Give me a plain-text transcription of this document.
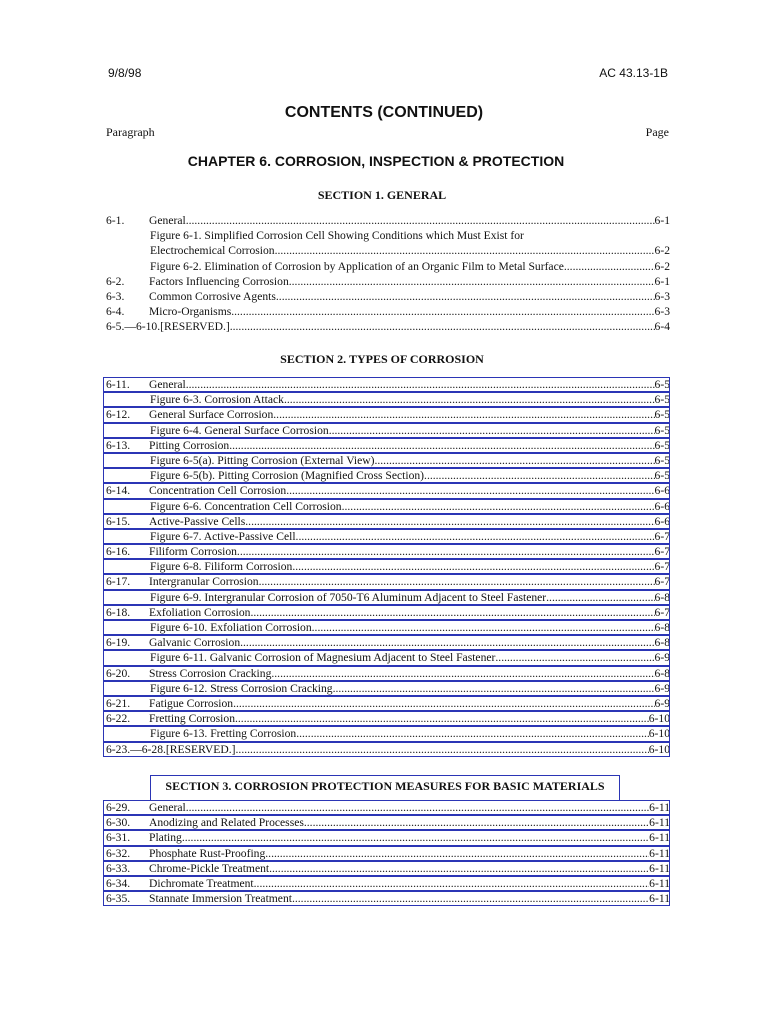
9/8/98	AC 43.13-1B
CONTENTS (CONTINUED)
Paragraph	Page
CHAPTER 6. CORROSION, INSPECTION & PROTECTION
SECTION 1. GENERAL
6-1.	General .....	6-1
Figure 6-1. Simplified Corrosion Cell Showing Conditions which Must Exist for
Electrochemical Corrosion .....	6-2
Figure 6-2. Elimination of Corrosion by Application of an Organic Film to Metal Surface .....	6-2
6-2.	Factors Influencing Corrosion .....	6-1
6-3.	Common Corrosive Agents .....	6-3
6-4.	Micro-Organisms .....	6-3
6-5.—6-10. [RESERVED.] .....	6-4
SECTION 2. TYPES OF CORROSION
6-11.	General .....	6-5
Figure 6-3. Corrosion Attack .....	6-5
6-12.	General Surface Corrosion .....	6-5
Figure 6-4. General Surface Corrosion .....	6-5
6-13.	Pitting Corrosion .....	6-5
Figure 6-5(a). Pitting Corrosion (External View) .....	6-5
Figure 6-5(b). Pitting Corrosion (Magnified Cross Section) .....	6-5
6-14.	Concentration Cell Corrosion .....	6-6
Figure 6-6. Concentration Cell Corrosion .....	6-6
6-15.	Active-Passive Cells .....	6-6
Figure 6-7. Active-Passive Cell .....	6-7
6-16.	Filiform Corrosion .....	6-7
Figure 6-8. Filiform Corrosion .....	6-7
6-17.	Intergranular Corrosion .....	6-7
Figure 6-9. Intergranular Corrosion of 7050-T6 Aluminum Adjacent to Steel Fastener .....	6-8
6-18.	Exfoliation Corrosion .....	6-7
Figure 6-10. Exfoliation Corrosion .....	6-8
6-19.	Galvanic Corrosion .....	6-8
Figure 6-11. Galvanic Corrosion of Magnesium Adjacent to Steel Fastener .....	6-9
6-20.	Stress Corrosion Cracking .....	6-8
Figure 6-12. Stress Corrosion Cracking .....	6-9
6-21.	Fatigue Corrosion .....	6-9
6-22.	Fretting Corrosion .....	6-10
Figure 6-13. Fretting Corrosion .....	6-10
6-23.—6-28. [RESERVED.] .....	6-10
SECTION 3. CORROSION PROTECTION MEASURES FOR BASIC MATERIALS
6-29.	General .....	6-11
6-30.	Anodizing and Related Processes .....	6-11
6-31.	Plating .....	6-11
6-32.	Phosphate Rust-Proofing .....	6-11
6-33.	Chrome-Pickle Treatment .....	6-11
6-34.	Dichromate Treatment .....	6-11
6-35.	Stannate Immersion Treatment .....	6-11
